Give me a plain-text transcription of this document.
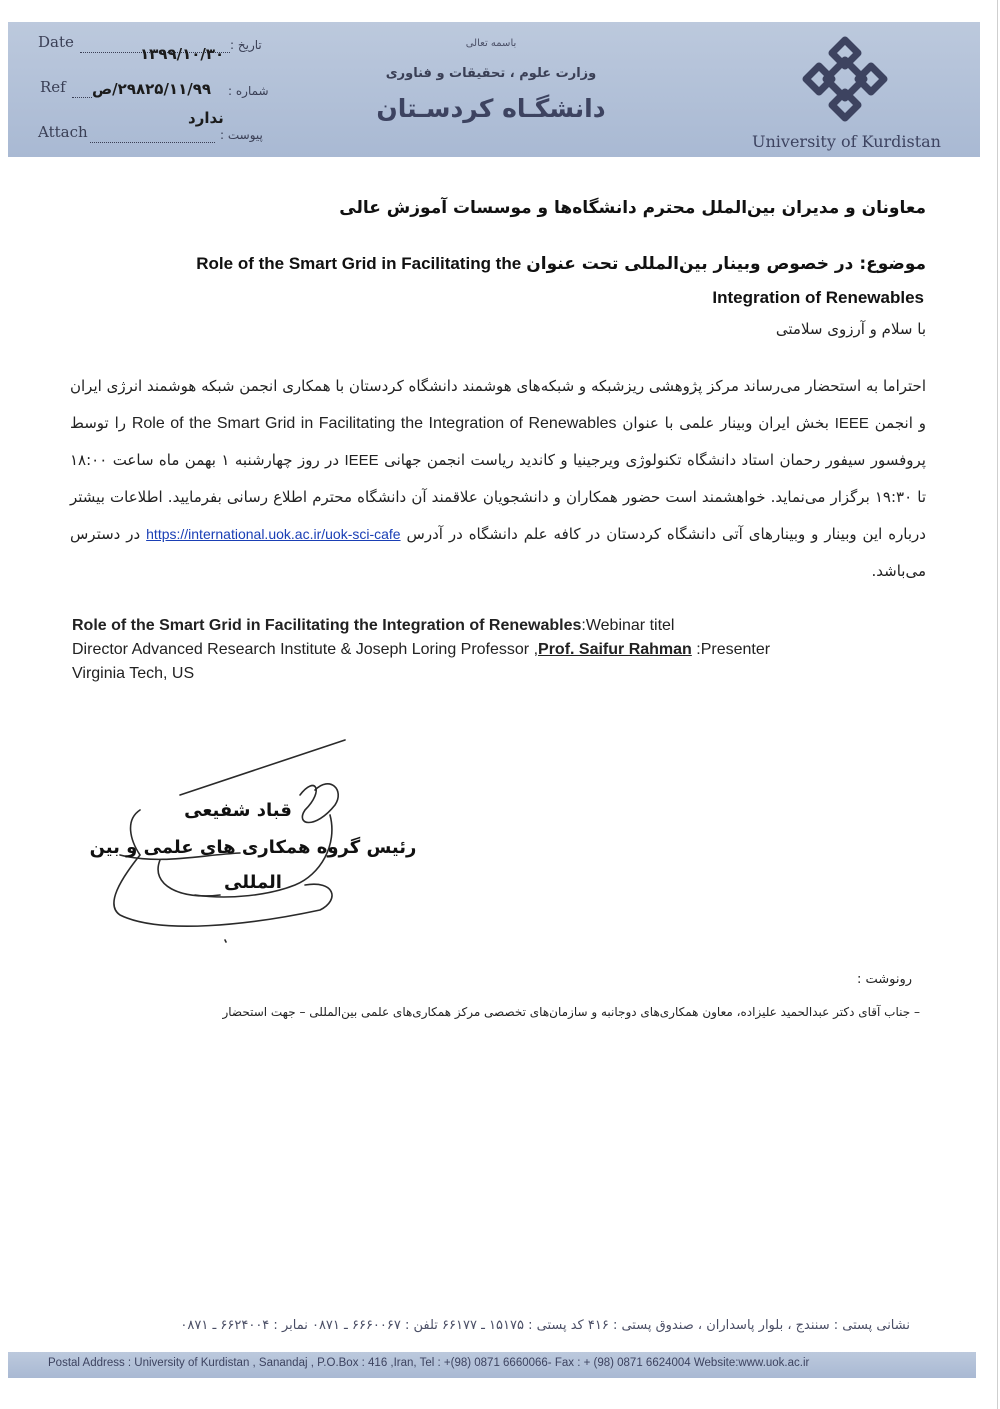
Date	تاریخ :
۱۳۹۹/۱۰/۳۰
Ref ۲۹۸۲۵/۱۱/۹۹/ص شماره :
Attach	پیوست :
ندارد
باسمه تعالی
وزارت علوم ، تحقیقات و فناوری
دانشگـاه کردسـتان
University of Kurdistan
معاونان و مدیران بین‌الملل محترم دانشگاه‌ها و موسسات آموزش عالی
موضوع: در خصوص وبینار بین‌المللی تحت عنوان Role of the Smart Grid in Facilitating the
Integration of Renewables
با سلام و آرزوی سلامتی
احتراما به استحضار می‌رساند مرکز پژوهشی ریزشبکه و شبکه‌های هوشمند دانشگاه کردستان با همکاری انجمن شبکه هوشمند انرژی ایران و انجمن IEEE بخش ایران وبینار علمی با عنوان Role of the Smart Grid in Facilitating the Integration of Renewables را توسط پروفسور سیفور رحمان استاد دانشگاه تکنولوژی ویرجینیا و کاندید ریاست انجمن جهانی IEEE در روز چهارشنبه ۱ بهمن ماه ساعت ۱۸:۰۰ تا ۱۹:۳۰ برگزار می‌نماید. خواهشمند است حضور همکاران و دانشجویان علاقمند آن دانشگاه محترم اطلاع رسانی بفرمایید. اطلاعات بیشتر درباره این وبینار و وبینارهای آتی دانشگاه کردستان در کافه علم دانشگاه در آدرس https://international.uok.ac.ir/uok-sci-cafe در دسترس می‌باشد.
Role of the Smart Grid in Facilitating the Integration of Renewables:Webinar titel
Director Advanced Research Institute & Joseph Loring Professor ,Prof. Saifur Rahman :Presenter
Virginia Tech, US
قباد شفیعی
رئیس گروه همکاری های علمی و بین
المللی
رونوشت :
– جناب آقای دکتر عبدالحمید علیزاده، معاون همکاری‌های دوجانبه و سازمان‌های تخصصی مرکز همکاری‌های علمی بین‌المللی – جهت استحضار
نشانی پستی : سنندج ، بلوار پاسداران ، صندوق پستی : ۴۱۶ کد پستی : ۱۵۱۷۵ ـ ۶۶۱۷۷ تلفن : ۶۶۶۰۰۶۷ ـ ۰۸۷۱ نمابر : ۶۶۲۴۰۰۴ ـ ۰۸۷۱
Postal Address : University of Kurdistan , Sanandaj , P.O.Box : 416 ,Iran, Tel : +(98) 0871 6660066- Fax : + (98) 0871 6624004 Website:www.uok.ac.ir
